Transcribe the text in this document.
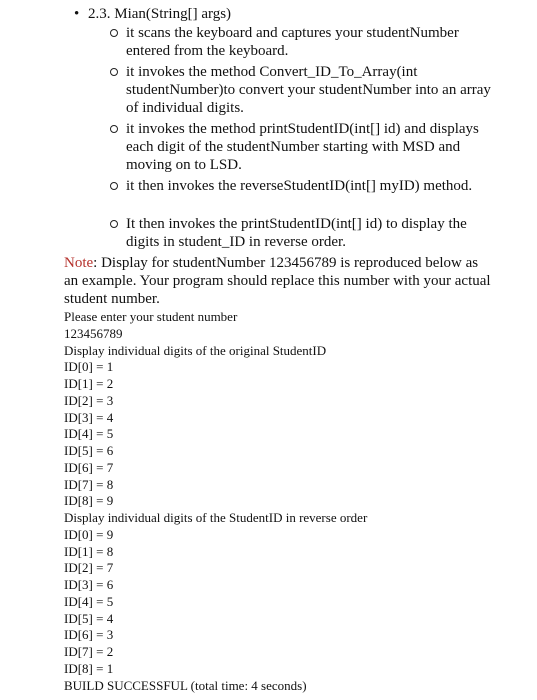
• 2.3. Mian(String[] args)
it scans the keyboard and captures your studentNumber entered from the keyboard.
it invokes the method Convert_ID_To_Array(int studentNumber)to convert your studentNumber into an array of individual digits.
it invokes the method printStudentID(int[] id) and displays each digit of the studentNumber starting with MSD and moving on to LSD.
it then invokes the reverseStudentID(int[] myID) method.
It then invokes the printStudentID(int[] id) to display the digits in student_ID in reverse order.
Note: Display for studentNumber 123456789 is reproduced below as an example. Your program should replace this number with your actual student number.
Please enter your student number
123456789
Display individual digits of the original StudentID
ID[0] = 1
ID[1] = 2
ID[2] = 3
ID[3] = 4
ID[4] = 5
ID[5] = 6
ID[6] = 7
ID[7] = 8
ID[8] = 9
Display individual digits of the StudentID in reverse order
ID[0] = 9
ID[1] = 8
ID[2] = 7
ID[3] = 6
ID[4] = 5
ID[5] = 4
ID[6] = 3
ID[7] = 2
ID[8] = 1
BUILD SUCCESSFUL (total time: 4 seconds)
